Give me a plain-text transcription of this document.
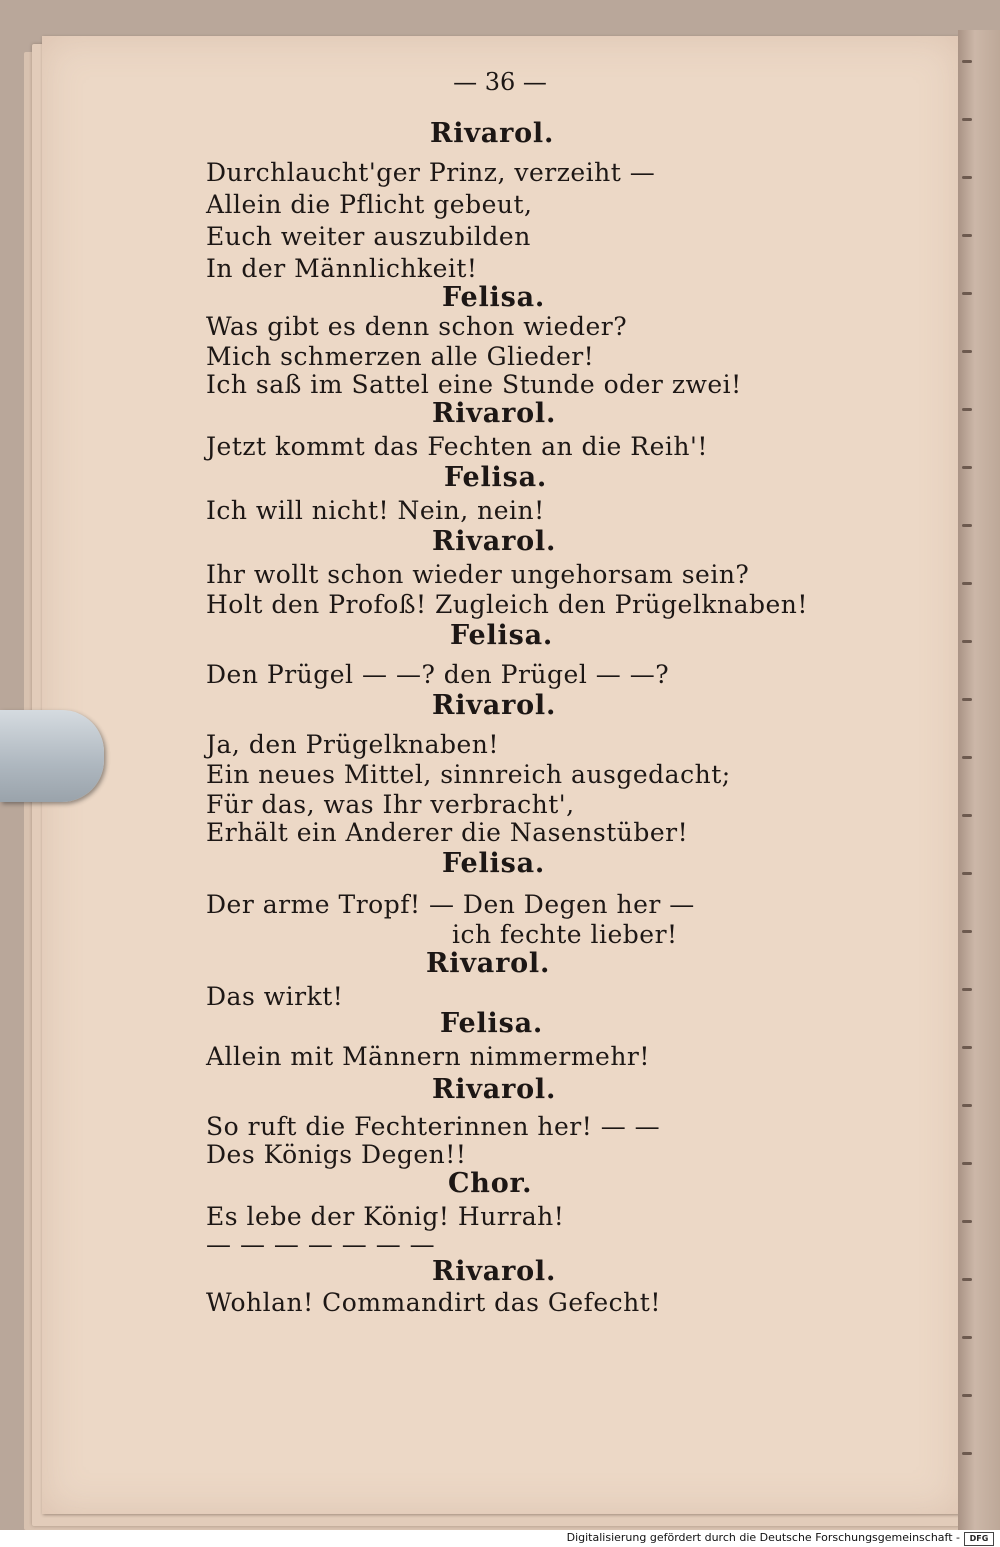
— 36 —
Rivarol.
Durchlaucht'ger Prinz, verzeiht —
Allein die Pflicht gebeut,
Euch weiter auszubilden
In der Männlichkeit!
Felisa.
Was gibt es denn schon wieder?
Mich schmerzen alle Glieder!
Ich saß im Sattel eine Stunde oder zwei!
Rivarol.
Jetzt kommt das Fechten an die Reih'!
Felisa.
Ich will nicht! Nein, nein!
Rivarol.
Ihr wollt schon wieder ungehorsam sein?
Holt den Profoß! Zugleich den Prügelknaben!
Felisa.
Den Prügel — —? den Prügel — —?
Rivarol.
Ja, den Prügelknaben!
Ein neues Mittel, sinnreich ausgedacht;
Für das, was Ihr verbracht',
Erhält ein Anderer die Nasenstüber!
Felisa.
Der arme Tropf! — Den Degen her —
ich fechte lieber!
Rivarol.
Das wirkt!
Felisa.
Allein mit Männern nimmermehr!
Rivarol.
So ruft die Fechterinnen her! — —
Des Königs Degen!!
Chor.
Es lebe der König! Hurrah!
— — — — — — —
Rivarol.
Wohlan! Commandirt das Gefecht!
Digitalisierung gefördert durch die Deutsche Forschungsgemeinschaft -	DFG
